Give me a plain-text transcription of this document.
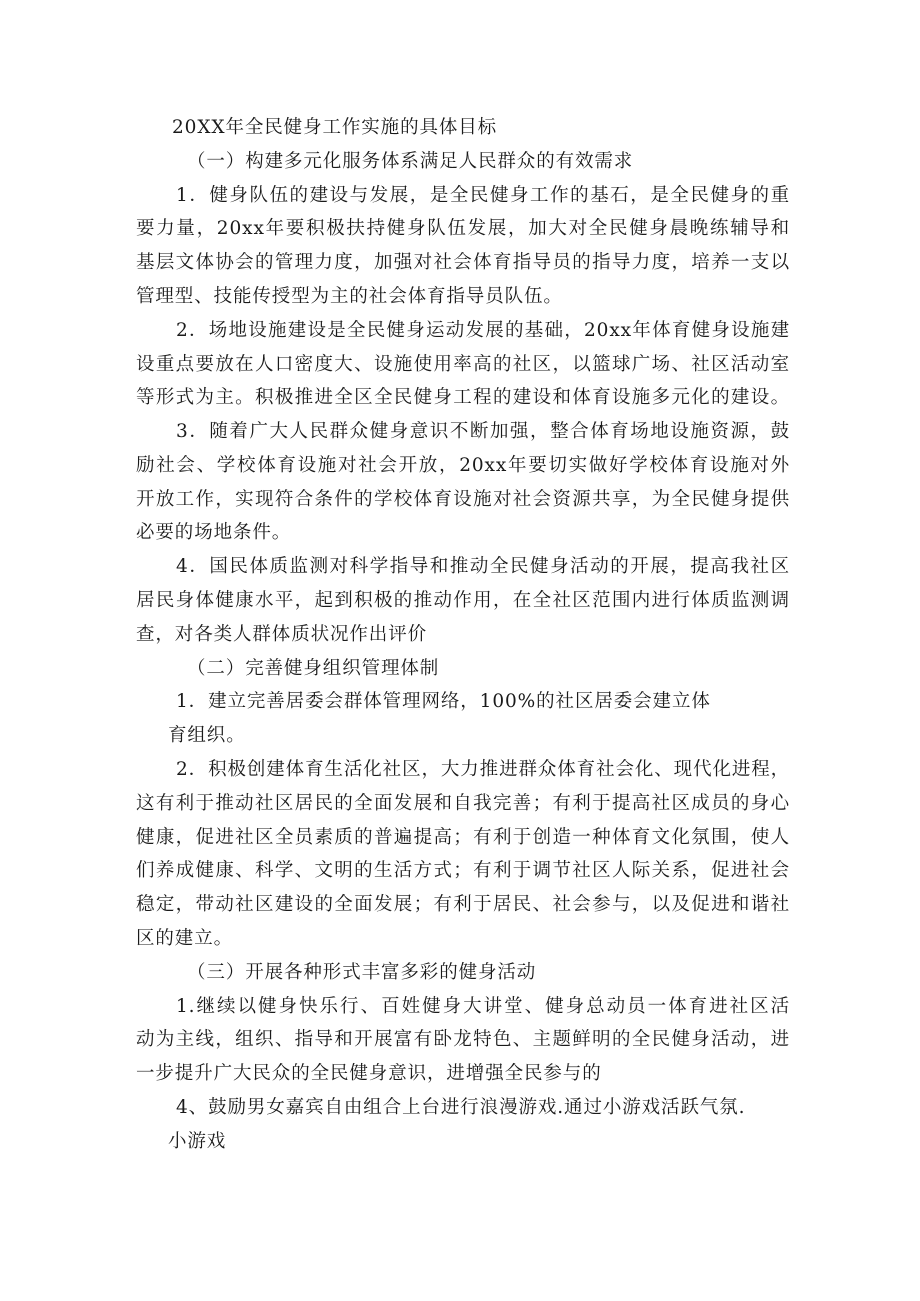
20XX年全民健身工作实施的具体目标
（一）构建多元化服务体系满足人民群众的有效需求
1．健身队伍的建设与发展，是全民健身工作的基石，是全民健身的重
要力量，20xx年要积极扶持健身队伍发展，加大对全民健身晨晚练辅导和
基层文体协会的管理力度，加强对社会体育指导员的指导力度，培养一支以
管理型、技能传授型为主的社会体育指导员队伍。
2．场地设施建设是全民健身运动发展的基础，20xx年体育健身设施建
设重点要放在人口密度大、设施使用率高的社区，以篮球广场、社区活动室
等形式为主。积极推进全区全民健身工程的建设和体育设施多元化的建设。
3．随着广大人民群众健身意识不断加强，整合体育场地设施资源，鼓
励社会、学校体育设施对社会开放，20xx年要切实做好学校体育设施对外
开放工作，实现符合条件的学校体育设施对社会资源共享，为全民健身提供
必要的场地条件。
4．国民体质监测对科学指导和推动全民健身活动的开展，提高我社区
居民身体健康水平，起到积极的推动作用，在全社区范围内进行体质监测调
查，对各类人群体质状况作出评价
（二）完善健身组织管理体制
1．建立完善居委会群体管理网络，100%的社区居委会建立体
育组织。
2．积极创建体育生活化社区，大力推进群众体育社会化、现代化进程，
这有利于推动社区居民的全面发展和自我完善；有利于提高社区成员的身心
健康，促进社区全员素质的普遍提高；有利于创造一种体育文化氛围，使人
们养成健康、科学、文明的生活方式；有利于调节社区人际关系，促进社会
稳定，带动社区建设的全面发展；有利于居民、社会参与，以及促进和谐社
区的建立。
（三）开展各种形式丰富多彩的健身活动
1.继续以健身快乐行、百姓健身大讲堂、健身总动员一体育进社区活
动为主线，组织、指导和开展富有卧龙特色、主题鲜明的全民健身活动，进
一步提升广大民众的全民健身意识，进增强全民参与的
4、鼓励男女嘉宾自由组合上台进行浪漫游戏.通过小游戏活跃气氛.
小游戏
